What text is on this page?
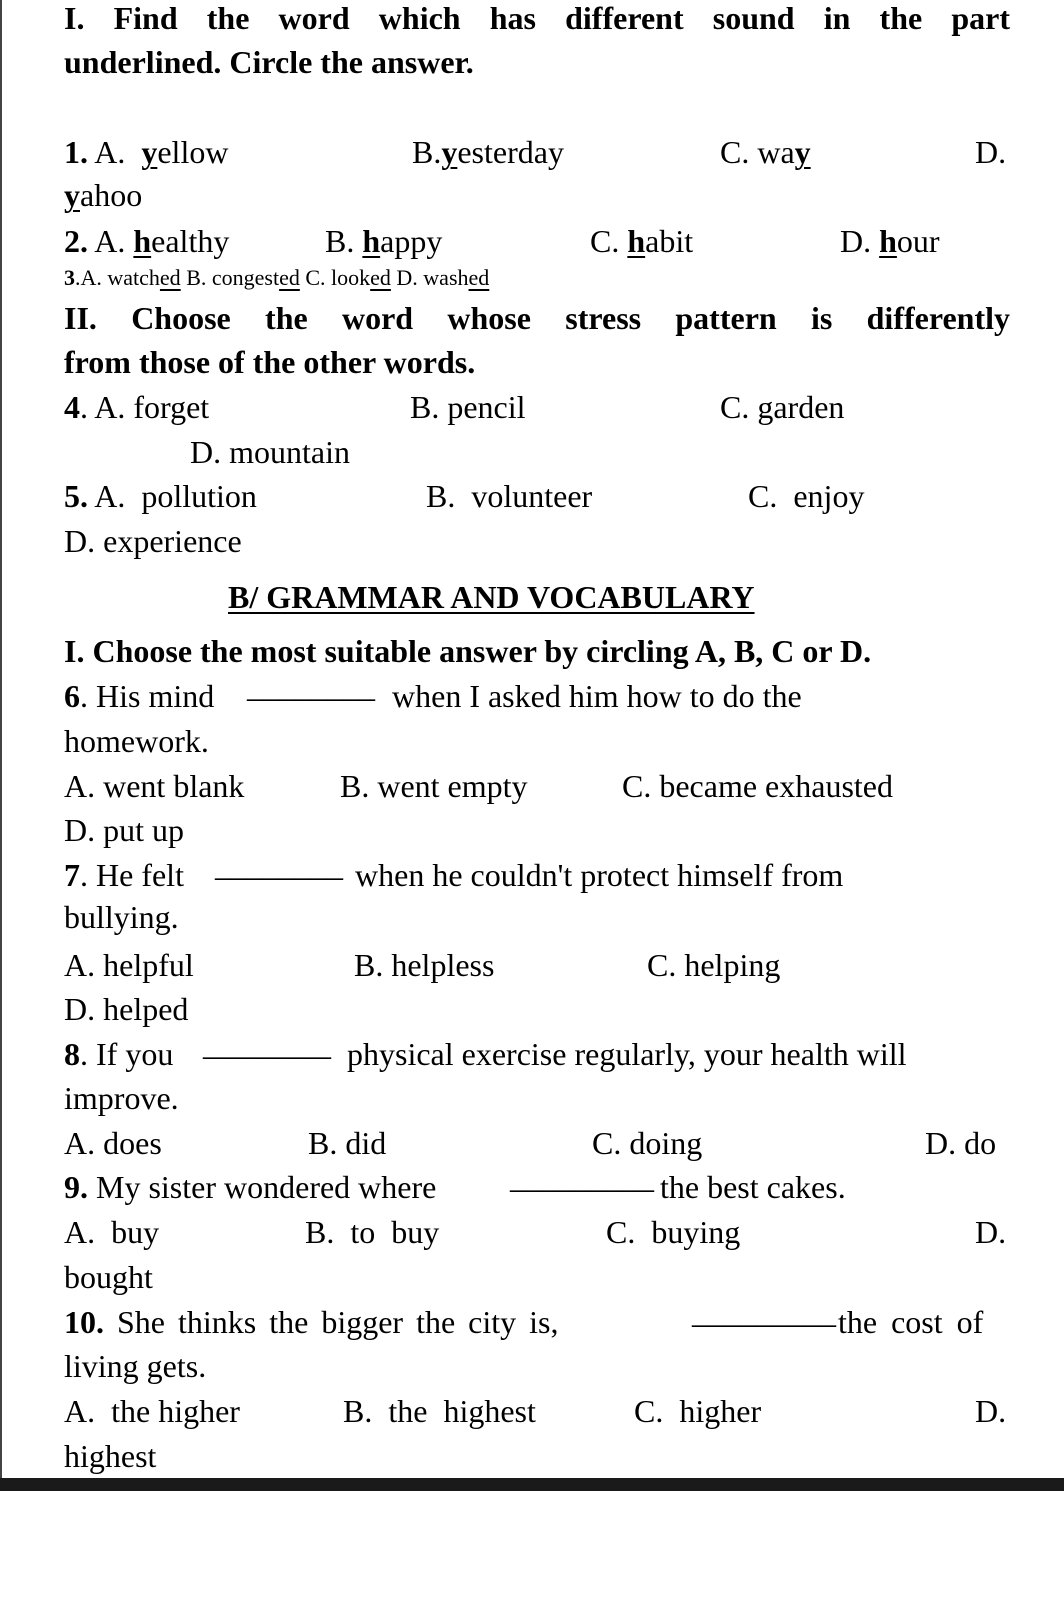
I. Find the word which has different sound in the part
underlined. Circle the answer.

1. A.  yellow

	B.yesterday

	C. way

	D.

yahoo

2. A. healthy

	B. happy

	C. habit

	D. hour

3.A. watched B. congested C. looked D. washed

II. Choose the word whose stress pattern is differently
from those of the other words.

4. A. forget

	B. pencil

	C. garden

D. mountain

5. A.  pollution

	B.  volunteer

	C.  enjoy

D. experience
B/ GRAMMAR AND VOCABULARY
I. Choose the most suitable answer by circling A, B, C or D.

6. His mind

________

when I asked him how to do the

homework.

A. went blank

	B. went empty

	C. became exhausted

D. put up

7. He felt

________

when he couldn't protect himself from

bullying.

A. helpful

	B. helpless

	C. helping

D. helped

8. If you

________

physical exercise regularly, your health will

improve.

A. does

	B. did

	C. doing

	D. do

9. My sister wondered where

_________

the best cakes.

A.  buy

	B.  to  buy

	C.  buying

	D.

bought

10. She thinks the bigger the city is,

	_________

the cost of

living gets.

A.  the higher

	B.  the  highest

	C.  higher

	D.

highest
